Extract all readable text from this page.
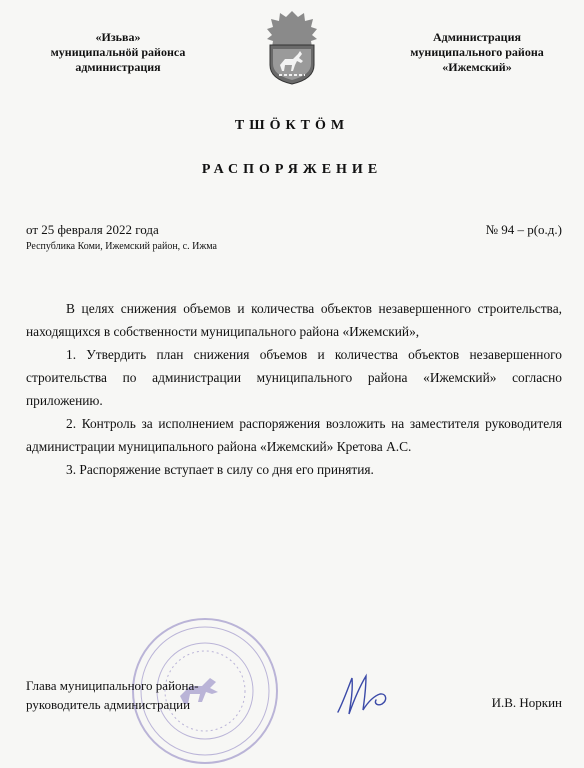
«Изьва»
муниципальнӧй районса
администрация
Администрация
муниципального района
«Ижемский»
ТШӦКТӦМ
РАСПОРЯЖЕНИЕ
от 25 февраля 2022 года
Республика Коми, Ижемский район, с. Ижма
№ 94 – р(о.д.)

В целях снижения объемов и количества объектов незавершенного строительства, находящихся в собственности муниципального района «Ижемский»,

1. Утвердить план снижения объемов и количества объектов незавершенного строительства по администрации муниципального района «Ижемский» согласно приложению.

2. Контроль за исполнением распоряжения возложить на заместителя руководителя администрации муниципального района «Ижемский» Кретова А.С.

3. Распоряжение вступает в силу со дня его принятия.

Глава муниципального района-
руководитель администрации	И.В. Норкин
